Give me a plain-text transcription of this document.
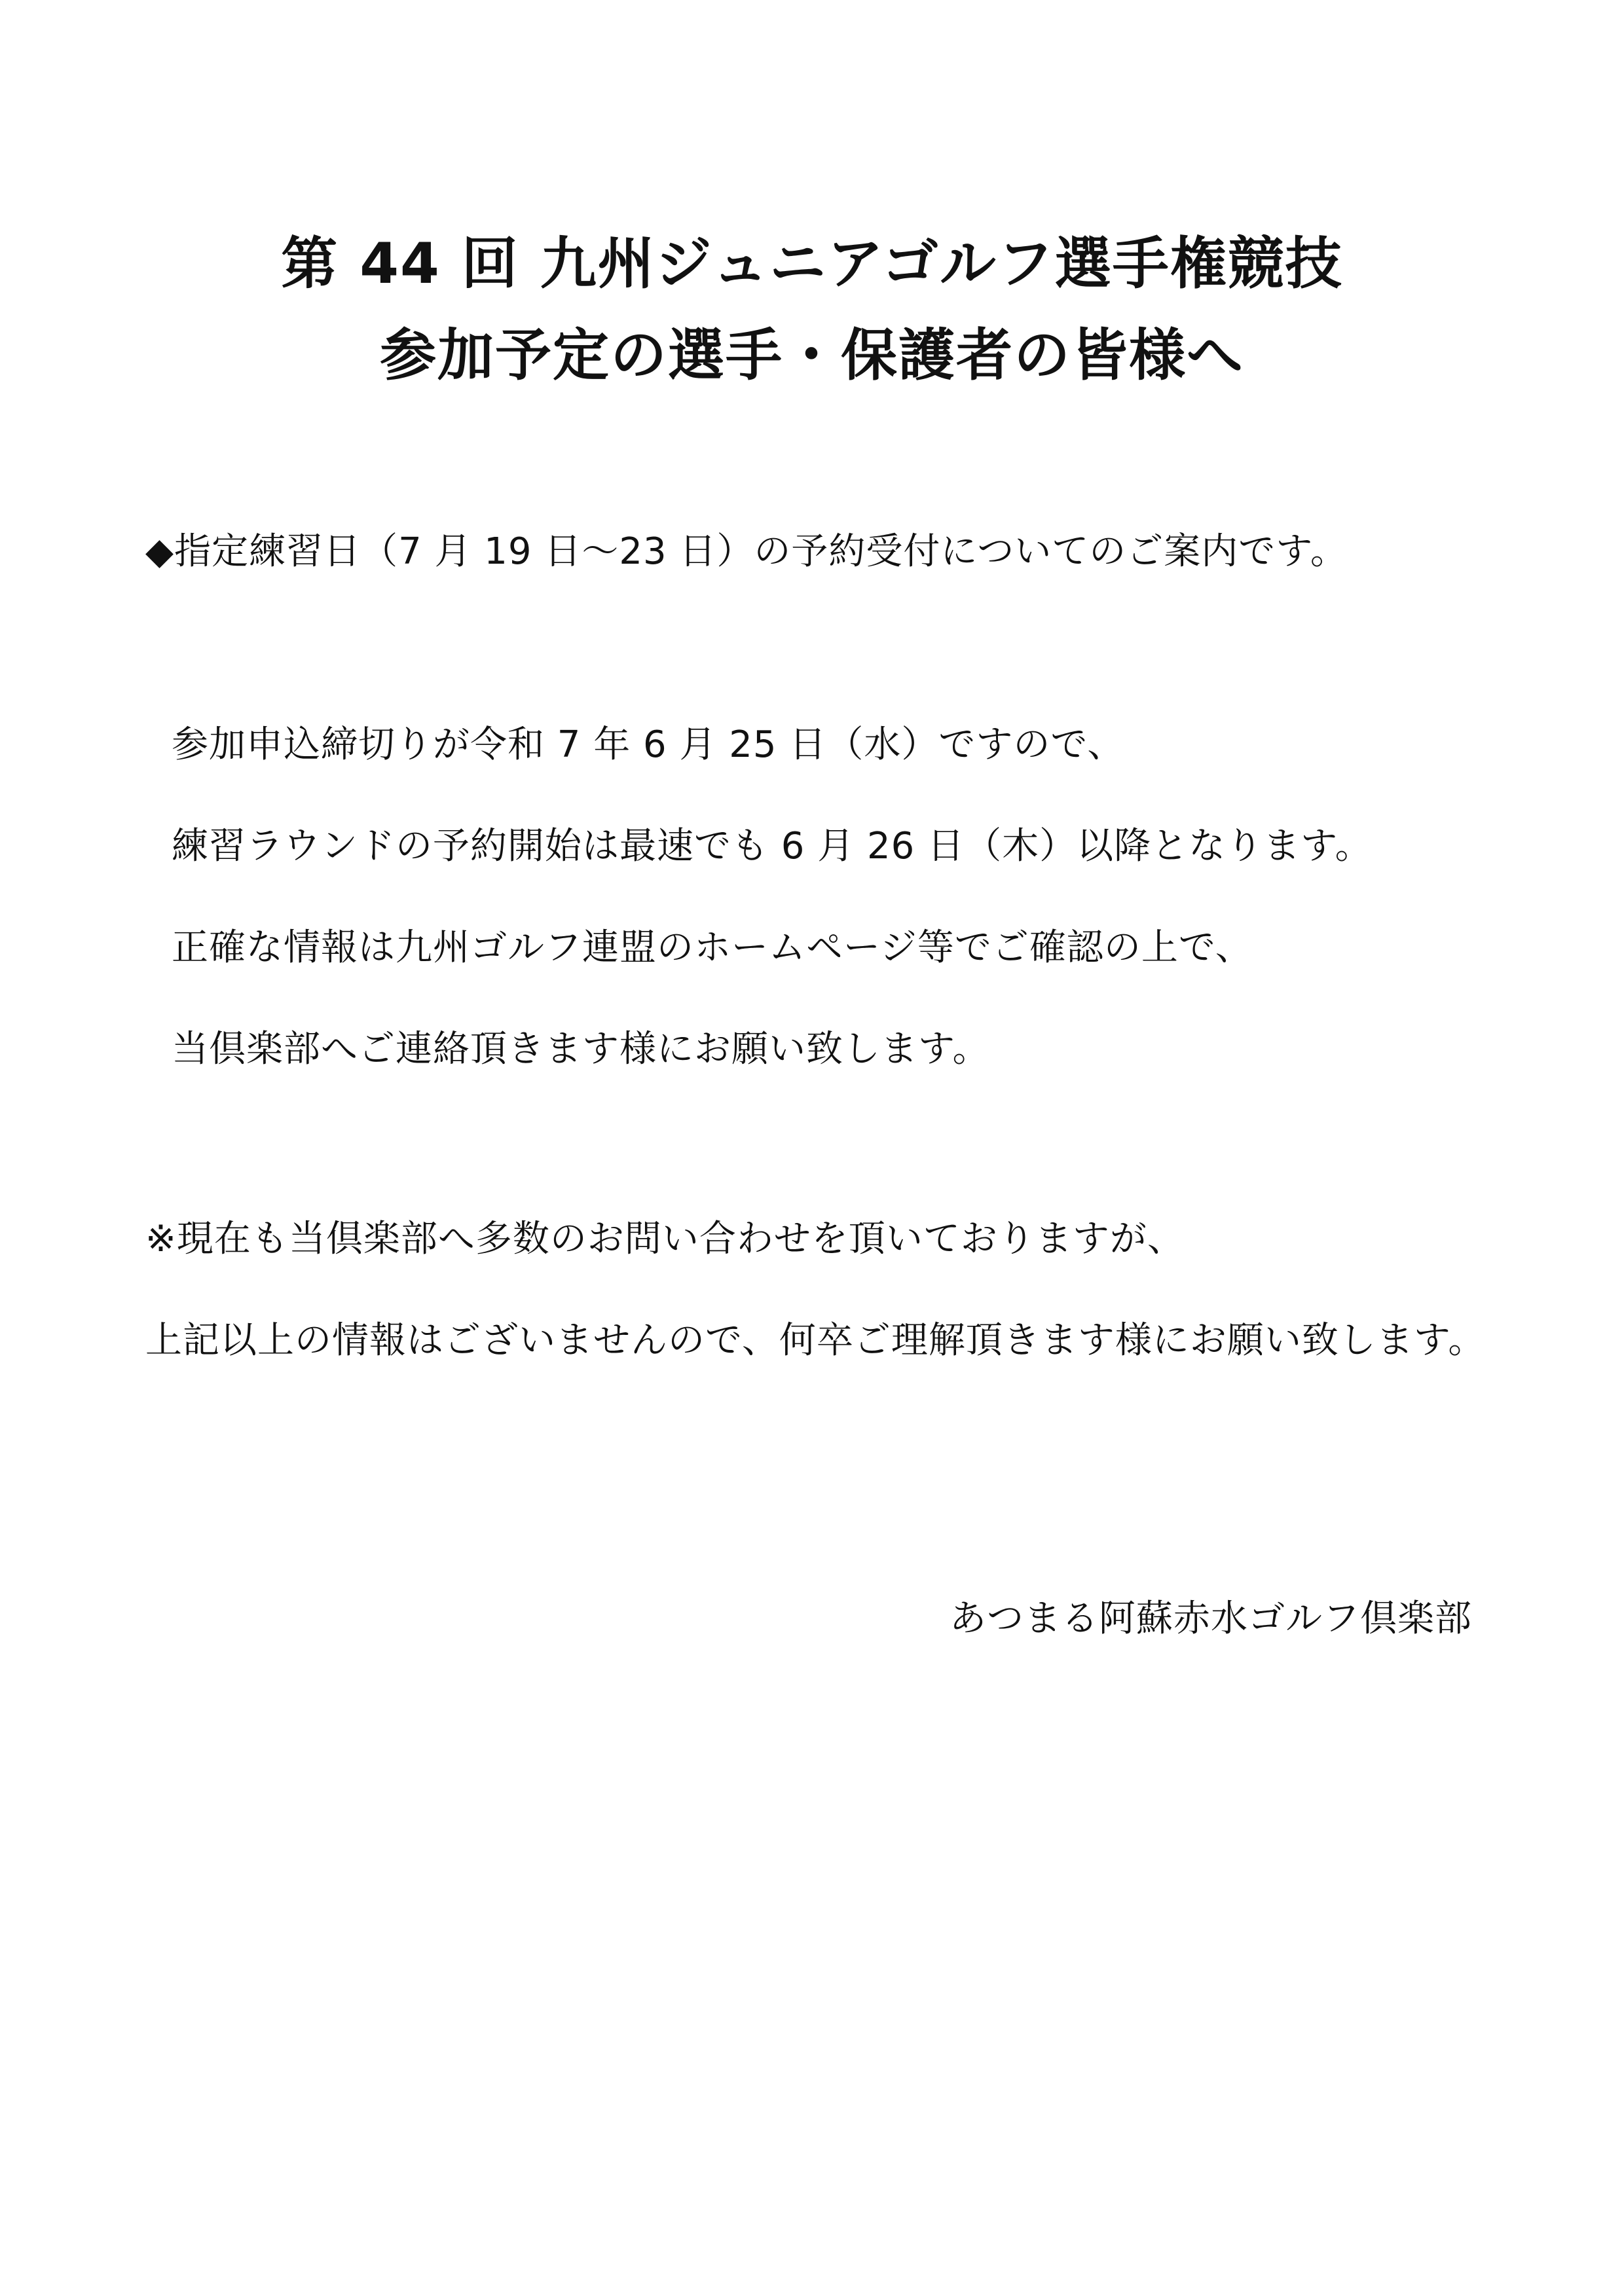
第 44 回 九州ジュニアゴルフ選手権競技
参加予定の選手・保護者の皆様へ
◆指定練習日（7 月 19 日～23 日）の予約受付についてのご案内です。
参加申込締切りが令和 7 年 6 月 25 日（水）ですので、
練習ラウンドの予約開始は最速でも 6 月 26 日（木）以降となります。
正確な情報は九州ゴルフ連盟のホームページ等でご確認の上で、
当倶楽部へご連絡頂きます様にお願い致します。
※現在も当倶楽部へ多数のお問い合わせを頂いておりますが、
上記以上の情報はございませんので、何卒ご理解頂きます様にお願い致します。
あつまる阿蘇赤水ゴルフ倶楽部
